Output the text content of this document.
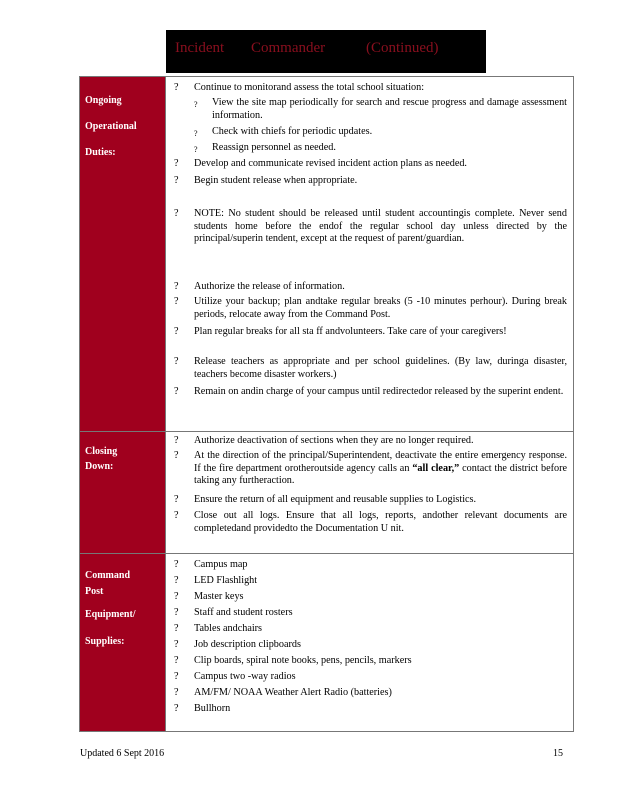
Incident Commander	(Continued)
Ongoing
Operational
Duties:
? Continue to monitorand assess the total school situation:
? View the site map periodically for search and rescue progress and damage assessment information.
? Check with chiefs for periodic updates.
? Reassign personnel as needed.
? Develop and communicate revised incident action plans as needed.
? Begin student release when appropriate.
? NOTE: No student should be released until student accountingis complete. Never send students home before the endof the regular school day unless directed by the principal/superin tendent, except at the request of parent/guardian.
? Authorize the release of information.
? Utilize your backup; plan andtake regular breaks (5 -10 minutes perhour). During break periods, relocate away from the Command Post.
? Plan regular breaks for all sta ff andvolunteers. Take care of your caregivers!
? Release teachers as appropriate and per school guidelines. (By law, duringa disaster, teachers become disaster workers.)
? Remain on andin charge of your campus until redirectedor released by the superint endent.
Closing
Down:
? Authorize deactivation of sections when they are no longer required.
? At the direction of the principal/Superintendent, deactivate the entire emergency response. If the fire department orotheroutside agency calls an “all clear,” contact the district before taking any furtheraction.
? Ensure the return of all equipment and reusable supplies to Logistics.
? Close out all logs. Ensure that all logs, reports, andother relevant documents are completedand providedto the Documentation U nit.
Command
Post
Equipment/
Supplies:
? Campus map
? LED Flashlight
? Master keys
? Staff and student rosters
? Tables andchairs
? Job description clipboards
? Clip boards, spiral note books, pens, pencils, markers
? Campus two -way radios
? AM/FM/ NOAA Weather Alert Radio (batteries)
? Bullhorn
Updated 6 Sept 2016	15
